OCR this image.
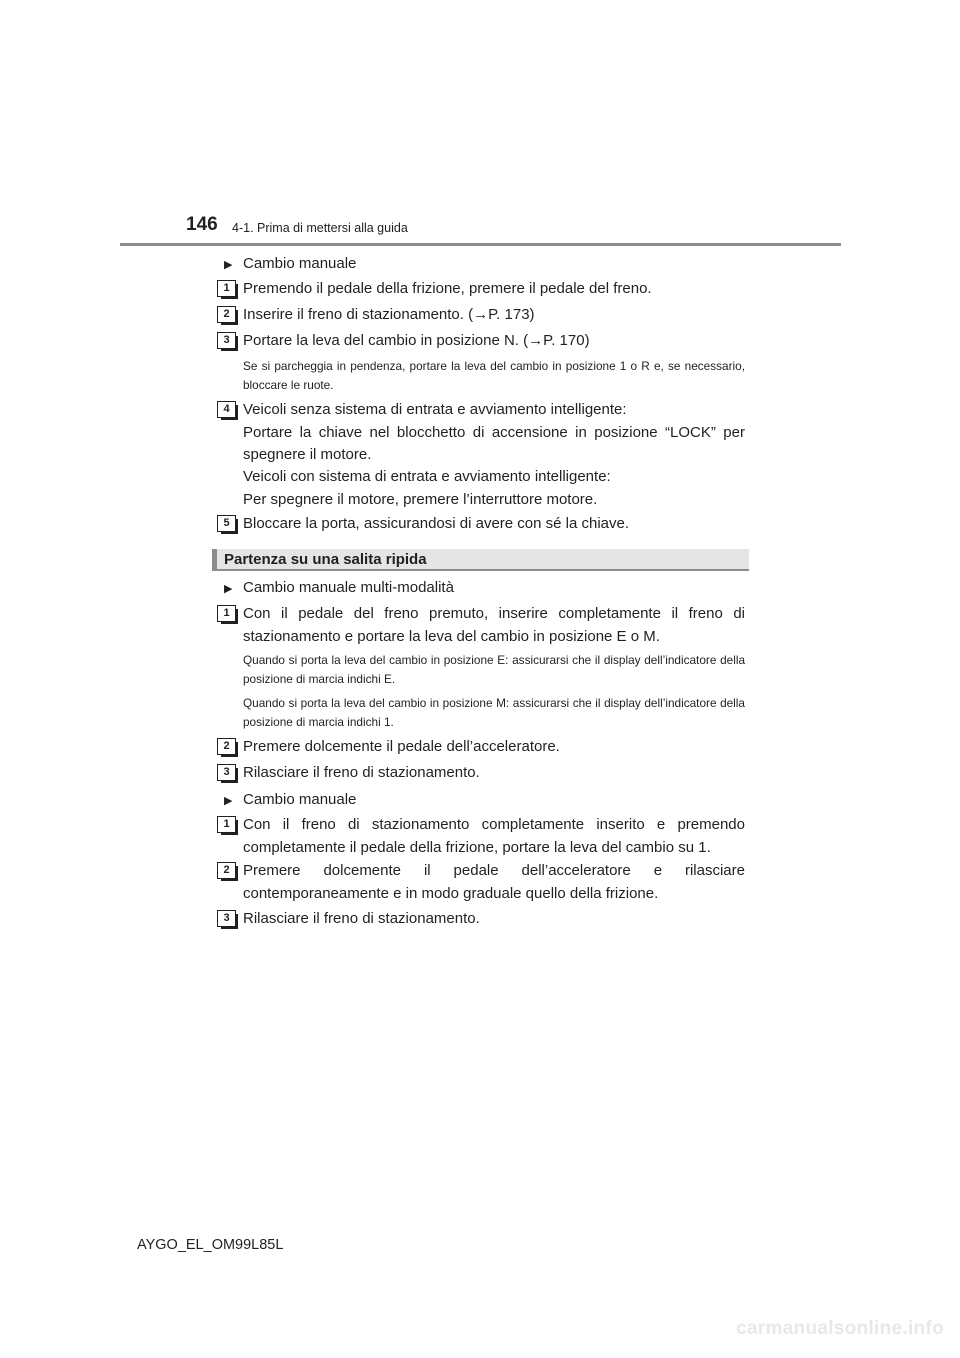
146 4-1. Prima di mettersi alla guida
▶ Cambio manuale
1 Premendo il pedale della frizione, premere il pedale del freno.
2 Inserire il freno di stazionamento. (→P. 173)
3 Portare la leva del cambio in posizione N. (→P. 170)
Se si parcheggia in pendenza, portare la leva del cambio in posizione 1 o R e, se necessario, bloccare le ruote.
4 Veicoli senza sistema di entrata e avviamento intelligente:
Portare la chiave nel blocchetto di accensione in posizione “LOCK” per spegnere il motore.
Veicoli con sistema di entrata e avviamento intelligente:
Per spegnere il motore, premere l’interruttore motore.
5 Bloccare la porta, assicurandosi di avere con sé la chiave.
Partenza su una salita ripida
▶ Cambio manuale multi-modalità
1 Con il pedale del freno premuto, inserire completamente il freno di stazionamento e portare la leva del cambio in posizione E o M.
Quando si porta la leva del cambio in posizione E: assicurarsi che il display dell’indicatore della posizione di marcia indichi E.
Quando si porta la leva del cambio in posizione M: assicurarsi che il display dell’indicatore della posizione di marcia indichi 1.
2 Premere dolcemente il pedale dell’acceleratore.
3 Rilasciare il freno di stazionamento.
▶ Cambio manuale
1 Con il freno di stazionamento completamente inserito e premendo completamente il pedale della frizione, portare la leva del cambio su 1.
2 Premere dolcemente il pedale dell’acceleratore e rilasciare contemporaneamente e in modo graduale quello della frizione.
3 Rilasciare il freno di stazionamento.
AYGO_EL_OM99L85L
carmanualsonline.info
